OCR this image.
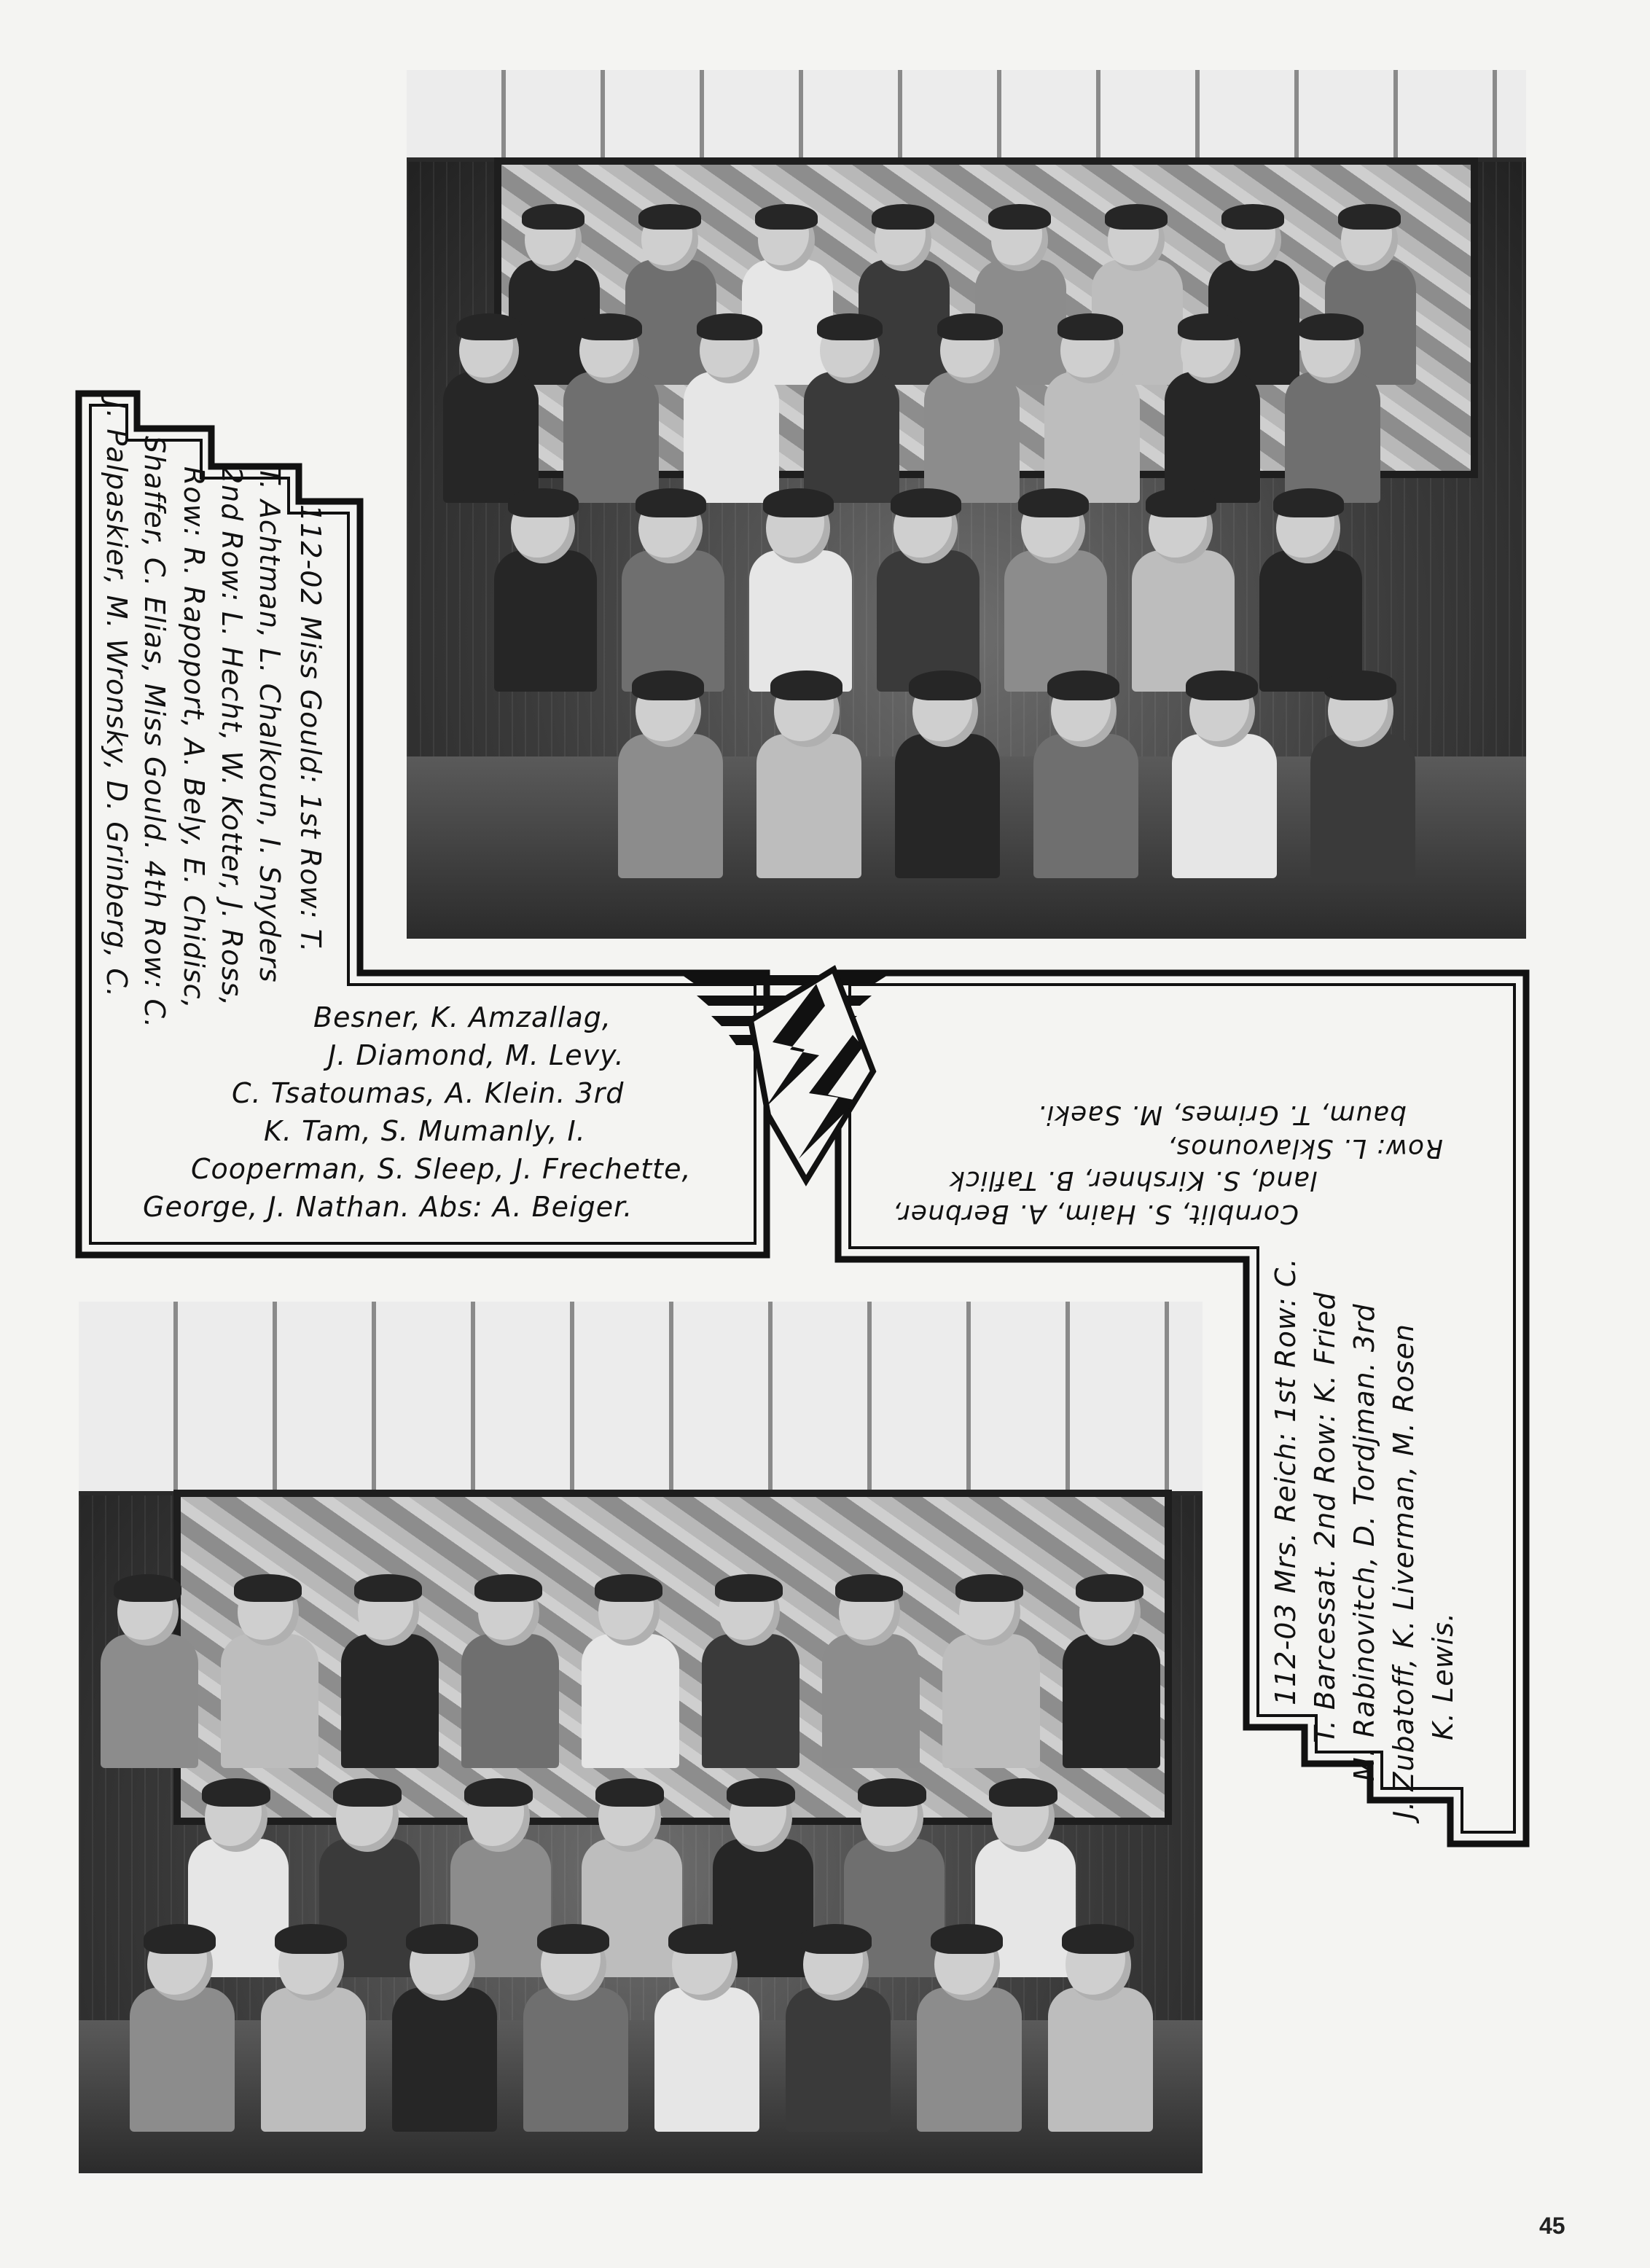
112-02 Miss Gould: 1st Row: T.
T. Achtman, L. Chalkoun, I. Snyders
2nd Row: L. Hecht, W. Kotter, J. Ross,
Row: R. Rapoport, A. Bely, E. Chidisc,
Shaffer, C. Elias, Miss Gould. 4th Row: C.
J. Palpaskier, M. Wronsky, D. Grinberg, C.
Besner, K. Amzallag,
J. Diamond, M. Levy.
C. Tsatoumas, A. Klein. 3rd
K. Tam, S. Mumanly, I.
Cooperman, S. Sleep, J. Frechette,
George, J. Nathan. Abs: A. Beiger.
112-03 Mrs. Reich: 1st Row: C. T. Barcessat. 2nd Row: K. Fried M. Rabinovitch, D. Tordjman. 3rd J. Zubatoff, K. Liverman, M. Rosen K. Lewis.
baum, T. Grimes, M. Saeki.
Row: L. Sklavounos,
land, S. Kirshner, B. Taflick
Cornblit, S. Haim, A. Berbner,
45
